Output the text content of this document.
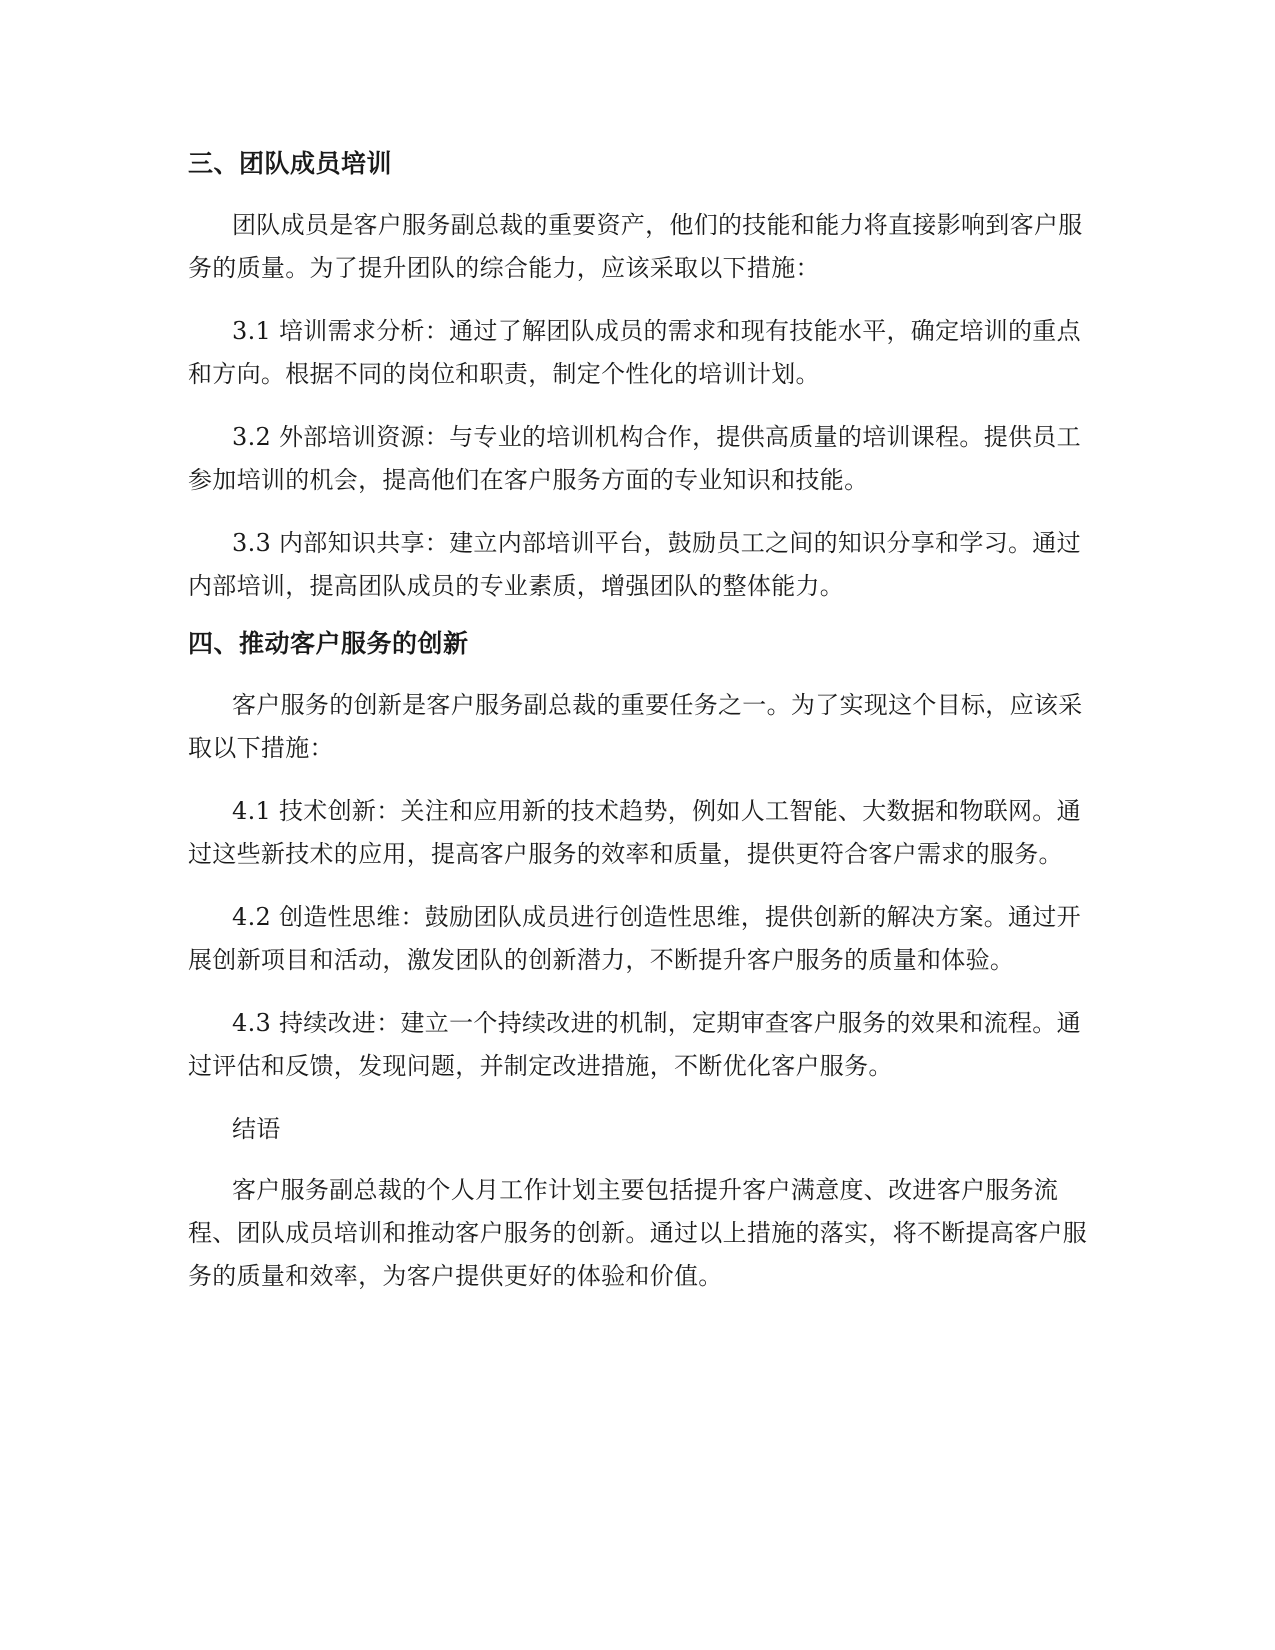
三、团队成员培训

团队成员是客户服务副总裁的重要资产，他们的技能和能力将直接影响到客户服务的质量。为了提升团队的综合能力，应该采取以下措施：

3.1 培训需求分析：通过了解团队成员的需求和现有技能水平，确定培训的重点和方向。根据不同的岗位和职责，制定个性化的培训计划。

3.2 外部培训资源：与专业的培训机构合作，提供高质量的培训课程。提供员工参加培训的机会，提高他们在客户服务方面的专业知识和技能。

3.3 内部知识共享：建立内部培训平台，鼓励员工之间的知识分享和学习。通过内部培训，提高团队成员的专业素质，增强团队的整体能力。

四、推动客户服务的创新

客户服务的创新是客户服务副总裁的重要任务之一。为了实现这个目标，应该采取以下措施：

4.1 技术创新：关注和应用新的技术趋势，例如人工智能、大数据和物联网。通过这些新技术的应用，提高客户服务的效率和质量，提供更符合客户需求的服务。

4.2 创造性思维：鼓励团队成员进行创造性思维，提供创新的解决方案。通过开展创新项目和活动，激发团队的创新潜力，不断提升客户服务的质量和体验。

4.3 持续改进：建立一个持续改进的机制，定期审查客户服务的效果和流程。通过评估和反馈，发现问题，并制定改进措施，不断优化客户服务。

结语

客户服务副总裁的个人月工作计划主要包括提升客户满意度、改进客户服务流程、团队成员培训和推动客户服务的创新。通过以上措施的落实，将不断提高客户服务的质量和效率，为客户提供更好的体验和价值。
